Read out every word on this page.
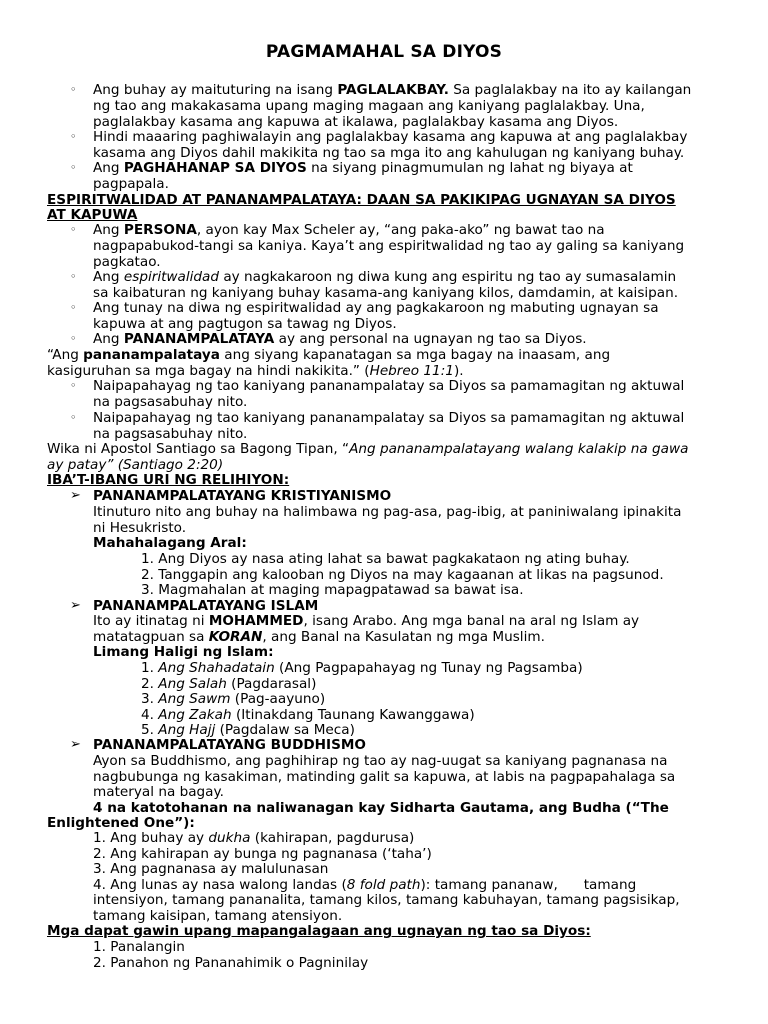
PAGMAMAHAL SA DIYOS
◦ Ang buhay ay maituturing na isang PAGLALAKBAY. Sa paglalakbay na ito ay kailangan
ng tao ang makakasama upang maging magaan ang kaniyang paglalakbay. Una,
paglalakbay kasama ang kapuwa at ikalawa, paglalakbay kasama ang Diyos.
◦ Hindi maaaring paghiwalayin ang paglalakbay kasama ang kapuwa at ang paglalakbay
kasama ang Diyos dahil makikita ng tao sa mga ito ang kahulugan ng kaniyang buhay.
◦ Ang PAGHAHANAP SA DIYOS na siyang pinagmumulan ng lahat ng biyaya at
pagpapala.
ESPIRITWALIDAD AT PANANAMPALATAYA: DAAN SA PAKIKIPAG UGNAYAN SA DIYOS
AT KAPUWA
◦ Ang PERSONA, ayon kay Max Scheler ay, “ang paka-ako” ng bawat tao na
nagpapabukod-tangi sa kaniya. Kaya’t ang espiritwalidad ng tao ay galing sa kaniyang
pagkatao.
◦ Ang espiritwalidad ay nagkakaroon ng diwa kung ang espiritu ng tao ay sumasalamin
sa kaibaturan ng kaniyang buhay kasama-ang kaniyang kilos, damdamin, at kaisipan.
◦ Ang tunay na diwa ng espiritwalidad ay ang pagkakaroon ng mabuting ugnayan sa
kapuwa at ang pagtugon sa tawag ng Diyos.
◦ Ang PANANAMPALATAYA ay ang personal na ugnayan ng tao sa Diyos.
“Ang pananampalataya ang siyang kapanatagan sa mga bagay na inaasam, ang
kasiguruhan sa mga bagay na hindi nakikita.” (Hebreo 11:1).
◦ Naipapahayag ng tao kaniyang pananampalatay sa Diyos sa pamamagitan ng aktuwal
na pagsasabuhay nito.
◦ Naipapahayag ng tao kaniyang pananampalatay sa Diyos sa pamamagitan ng aktuwal
na pagsasabuhay nito.
Wika ni Apostol Santiago sa Bagong Tipan, “Ang pananampalatayang walang kalakip na gawa
ay patay” (Santiago 2:20)
IBA’T-IBANG URI NG RELIHIYON:
➢ PANANAMPALATAYANG KRISTIYANISMO
Itinuturo nito ang buhay na halimbawa ng pag-asa, pag-ibig, at paniniwalang ipinakita
ni Hesukristo.
Mahahalagang Aral:
1. Ang Diyos ay nasa ating lahat sa bawat pagkakataon ng ating buhay.
2. Tanggapin ang kalooban ng Diyos na may kagaanan at likas na pagsunod.
3. Magmahalan at maging mapagpatawad sa bawat isa.
➢ PANANAMPALATAYANG ISLAM
Ito ay itinatag ni MOHAMMED, isang Arabo. Ang mga banal na aral ng Islam ay
matatagpuan sa KORAN, ang Banal na Kasulatan ng mga Muslim.
Limang Haligi ng Islam:
1. Ang Shahadatain (Ang Pagpapahayag ng Tunay ng Pagsamba)
2. Ang Salah (Pagdarasal)
3. Ang Sawm (Pag-aayuno)
4. Ang Zakah (Itinakdang Taunang Kawanggawa)
5. Ang Hajj (Pagdalaw sa Meca)
➢ PANANAMPALATAYANG BUDDHISMO
Ayon sa Buddhismo, ang paghihirap ng tao ay nag-uugat sa kaniyang pagnanasa na
nagbubunga ng kasakiman, matinding galit sa kapuwa, at labis na pagpapahalaga sa
materyal na bagay.
4 na katotohanan na naliwanagan kay Sidharta Gautama, ang Budha (“The
Enlightened One”):
1. Ang buhay ay dukha (kahirapan, pagdurusa)
2. Ang kahirapan ay bunga ng pagnanasa (‘taha’)
3. Ang pagnanasa ay malulunasan
4. Ang lunas ay nasa walong landas (8 fold path): tamang pananaw,      tamang
intensiyon, tamang pananalita, tamang kilos, tamang kabuhayan, tamang pagsisikap,
tamang kaisipan, tamang atensiyon.
Mga dapat gawin upang mapangalagaan ang ugnayan ng tao sa Diyos:
1. Panalangin
2. Panahon ng Pananahimik o Pagninilay
